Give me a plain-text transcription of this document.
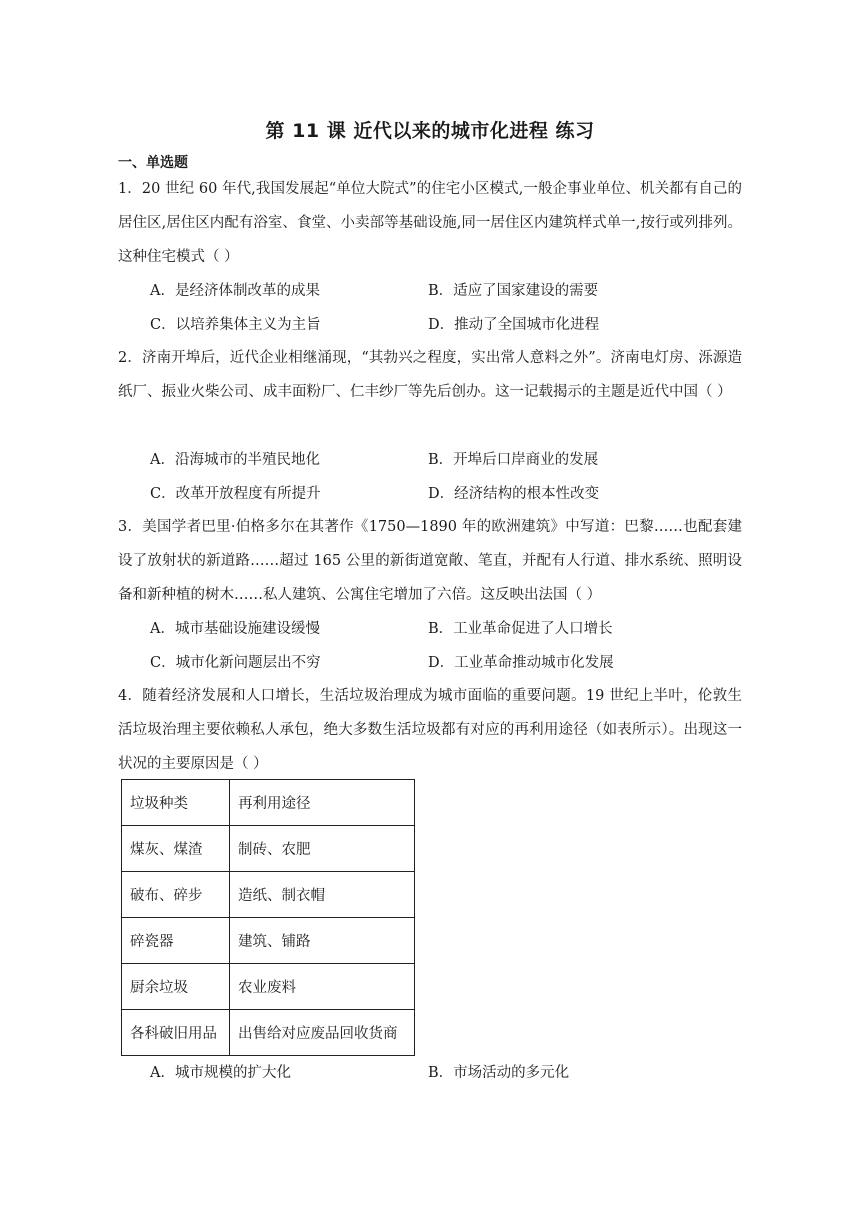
第 11 课 近代以来的城市化进程 练习
一、单选题
1．20 世纪 60 年代,我国发展起“单位大院式”的住宅小区模式,一般企事业单位、机关都有自己的居住区,居住区内配有浴室、食堂、小卖部等基础设施,同一居住区内建筑样式单一,按行或列排列。这种住宅模式（ ）
A．是经济体制改革的成果	B．适应了国家建设的需要
C．以培养集体主义为主旨	D．推动了全国城市化进程
2．济南开埠后，近代企业相继涌现，“其勃兴之程度，实出常人意料之外”。济南电灯房、泺源造纸厂、振业火柴公司、成丰面粉厂、仁丰纱厂等先后创办。这一记载揭示的主题是近代中国（ ）
A．沿海城市的半殖民地化	B．开埠后口岸商业的发展
C．改革开放程度有所提升	D．经济结构的根本性改变
3．美国学者巴里·伯格多尔在其著作《1750—1890 年的欧洲建筑》中写道：巴黎……也配套建设了放射状的新道路……超过 165 公里的新街道宽敞、笔直，并配有人行道、排水系统、照明设备和新种植的树木……私人建筑、公寓住宅增加了六倍。这反映出法国（ ）
A．城市基础设施建设缓慢	B．工业革命促进了人口增长
C．城市化新问题层出不穷	D．工业革命推动城市化发展
4．随着经济发展和人口增长，生活垃圾治理成为城市面临的重要问题。19 世纪上半叶，伦敦生活垃圾治理主要依赖私人承包，绝大多数生活垃圾都有对应的再利用途径（如表所示）。出现这一状况的主要原因是（ ）
垃圾种类	再利用途径
煤灰、煤渣	制砖、农肥
破布、碎步	造纸、制衣帽
碎瓷器	建筑、铺路
厨余垃圾	农业废料
各科破旧用品	出售给对应废品回收货商
A．城市规模的扩大化	B．市场活动的多元化
